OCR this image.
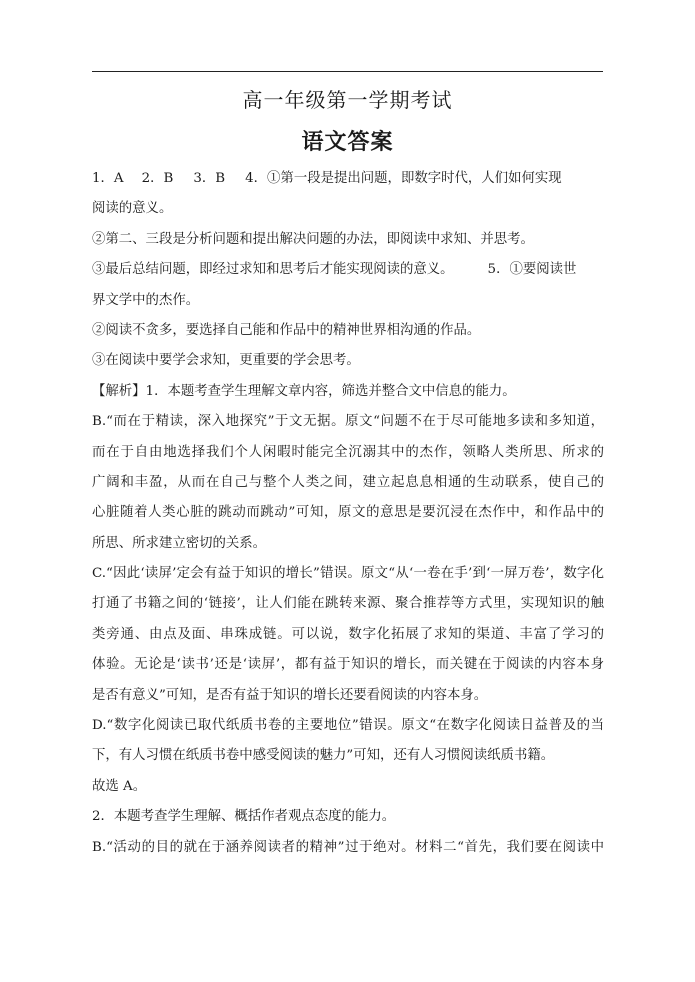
高一年级第一学期考试
语文答案
1．A 2．B 3．B 4．①第一段是提出问题，即数字时代，人们如何实现
阅读的意义。
②第二、三段是分析问题和提出解决问题的办法，即阅读中求知、并思考。
③最后总结问题，即经过求知和思考后才能实现阅读的意义。	5．①要阅读世
界文学中的杰作。
②阅读不贪多，要选择自己能和作品中的精神世界相沟通的作品。
③在阅读中要学会求知，更重要的学会思考。
【解析】1．本题考查学生理解文章内容，筛选并整合文中信息的能力。
B.“而在于精读，深入地探究”于文无据。原文“问题不在于尽可能地多读和多知道，
而在于自由地选择我们个人闲暇时能完全沉溺其中的杰作，领略人类所思、所求的
广阔和丰盈，从而在自己与整个人类之间，建立起息息相通的生动联系，使自己的
心脏随着人类心脏的跳动而跳动”可知，原文的意思是要沉浸在杰作中，和作品中的
所思、所求建立密切的关系。
C.“因此‘读屏’定会有益于知识的增长”错误。原文“从‘一卷在手’到‘一屏万卷’，数字化
打通了书籍之间的‘链接’，让人们能在跳转来源、聚合推荐等方式里，实现知识的触
类旁通、由点及面、串珠成链。可以说，数字化拓展了求知的渠道、丰富了学习的
体验。无论是‘读书’还是‘读屏’，都有益于知识的增长，而关键在于阅读的内容本身
是否有意义”可知，是否有益于知识的增长还要看阅读的内容本身。
D.“数字化阅读已取代纸质书卷的主要地位”错误。原文“在数字化阅读日益普及的当
下，有人习惯在纸质书卷中感受阅读的魅力”可知，还有人习惯阅读纸质书籍。
故选 A。
2．本题考查学生理解、概括作者观点态度的能力。
B.“活动的目的就在于涵养阅读者的精神”过于绝对。材料二“首先，我们要在阅读中
